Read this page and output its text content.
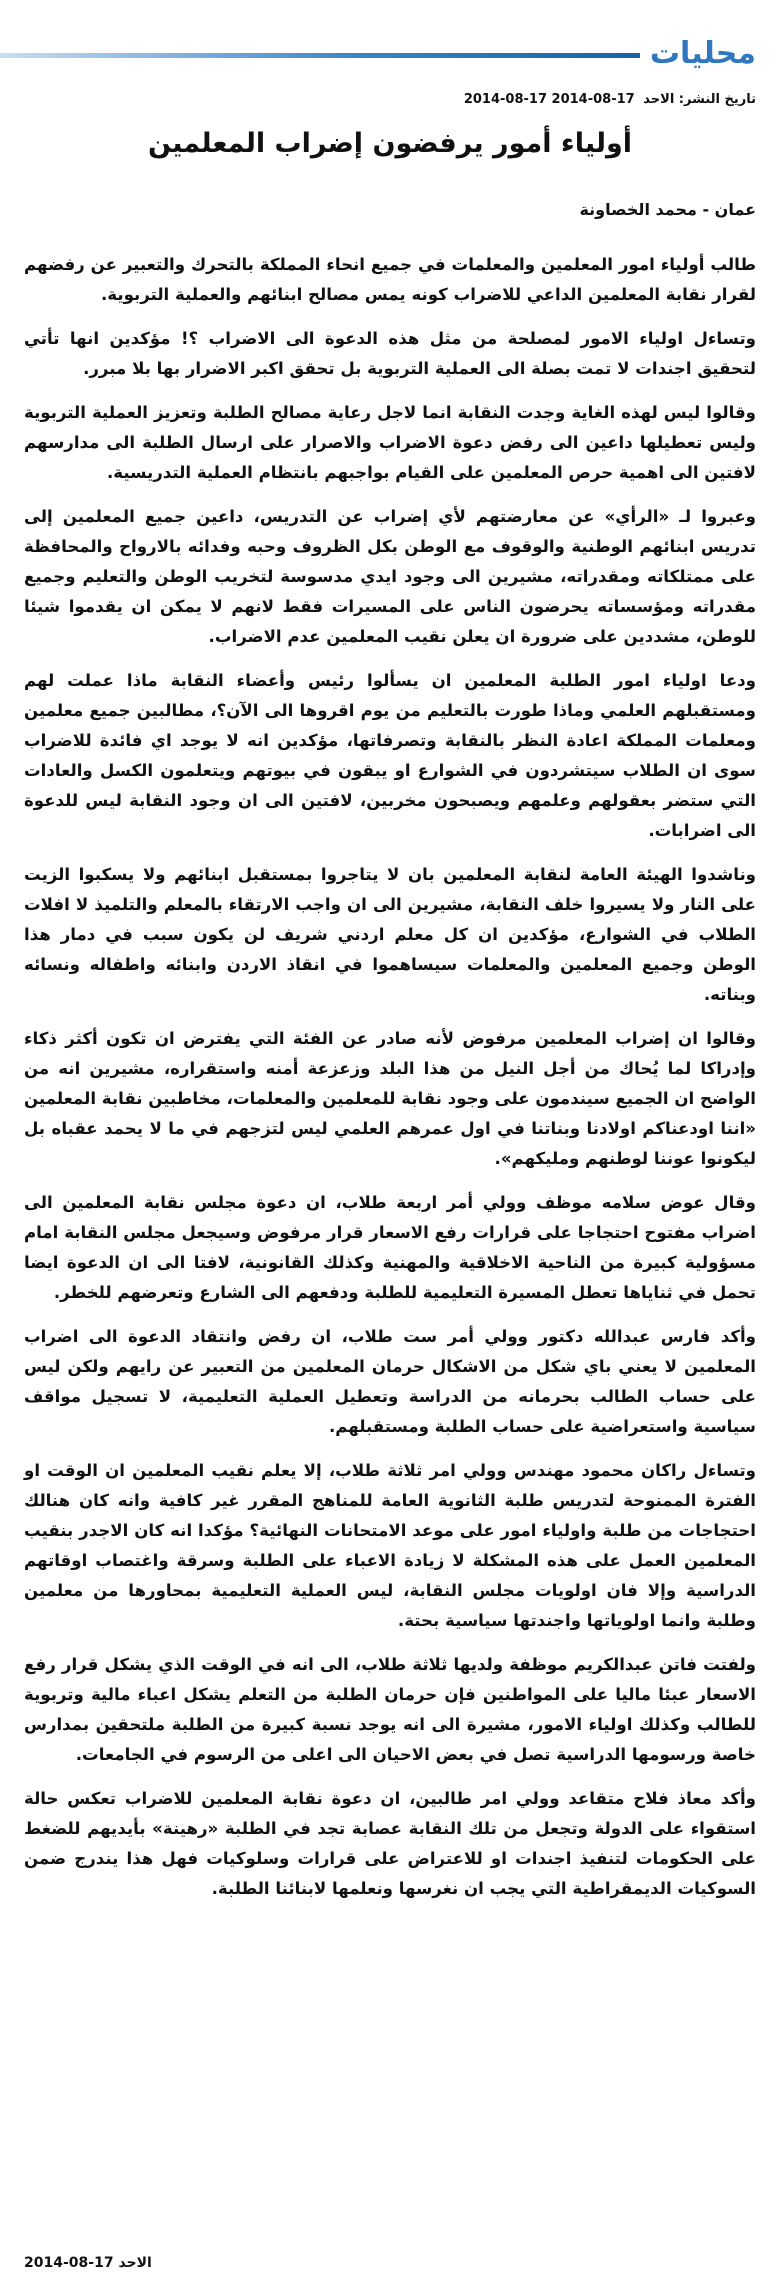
محليات
تاريخ النشر: الاحد 17-08-2014 17-08-2014
أولياء أمور يرفضون إضراب المعلمين
عمان - محمد الخصاونة

طالب أولياء امور المعلمين والمعلمات في جميع انحاء المملكة بالتحرك والتعبير عن رفضهم لقرار نقابة المعلمين الداعي للاضراب كونه يمس مصالح ابنائهم والعملية التربوية.

وتساءل اولياء الامور لمصلحة من مثل هذه الدعوة الى الاضراب ؟! مؤكدين انها تأتي لتحقيق اجندات لا تمت بصلة الى العملية التربوية بل تحقق اكبر الاضرار بها بلا مبرر.

وقالوا ليس لهذه الغاية وجدت النقابة انما لاجل رعاية مصالح الطلبة وتعزيز العملية التربوية وليس تعطيلها داعين الى رفض دعوة الاضراب والاصرار على ارسال الطلبة الى مدارسهم لافتين الى اهمية حرص المعلمين على القيام بواجبهم بانتظام العملية التدريسية.

وعبروا لـ «الرأي» عن معارضتهم لأي إضراب عن التدريس، داعين جميع المعلمين إلى تدريس ابنائهم الوطنية والوقوف مع الوطن بكل الظروف وحبه وفدائه بالارواح والمحافظة على ممتلكاته ومقدراته، مشيرين الى وجود ايدي مدسوسة لتخريب الوطن والتعليم وجميع مقدراته ومؤسساته يحرضون الناس على المسيرات فقط لانهم لا يمكن ان يقدموا شيئا للوطن، مشددين على ضرورة ان يعلن نقيب المعلمين عدم الاضراب.

ودعا اولياء امور الطلبة المعلمين ان يسألوا رئيس وأعضاء النقابة ماذا عملت لهم ومستقبلهم العلمي وماذا طورت بالتعليم من يوم اقروها الى الآن؟، مطالبين جميع معلمين ومعلمات المملكة اعادة النظر بالنقابة وتصرفاتها، مؤكدين انه لا يوجد اي فائدة للاضراب سوى ان الطلاب سيتشردون في الشوارع او يبقون في بيوتهم ويتعلمون الكسل والعادات التي ستضر بعقولهم وعلمهم ويصبحون مخربين، لافتين الى ان وجود النقابة ليس للدعوة الى اضرابات.

وناشدوا الهيئة العامة لنقابة المعلمين بان لا يتاجروا بمستقبل ابنائهم ولا يسكبوا الزيت على النار ولا يسيروا خلف النقابة، مشيرين الى ان واجب الارتقاء بالمعلم والتلميذ لا افلات الطلاب في الشوارع، مؤكدين ان كل معلم اردني شريف لن يكون سبب في دمار هذا الوطن وجميع المعلمين والمعلمات سيساهموا في انقاذ الاردن وابنائه واطفاله ونسائه وبناته.

وقالوا ان إضراب المعلمين مرفوض لأنه صادر عن الفئة التي يفترض ان تكون أكثر ذكاء وإدراكا لما يُحاك من أجل النيل من هذا البلد وزعزعة أمنه واستقراره، مشيرين انه من الواضح ان الجميع سيندمون على وجود نقابة للمعلمين والمعلمات، مخاطبين نقابة المعلمين «اننا اودعناكم اولادنا وبناتنا في اول عمرهم العلمي ليس لتزجهم في ما لا يحمد عقباه بل ليكونوا عوننا لوطنهم ومليكهم».

وقال عوض سلامه موظف وولي أمر اربعة طلاب، ان دعوة مجلس نقابة المعلمين الى اضراب مفتوح احتجاجا على قرارات رفع الاسعار قرار مرفوض وسيجعل مجلس النقابة امام مسؤولية كبيرة من الناحية الاخلاقية والمهنية وكذلك القانونية، لافتا الى ان الدعوة ايضا تحمل في ثناياها تعطل المسيرة التعليمية للطلبة ودفعهم الى الشارع وتعرضهم للخطر.

وأكد فارس عبدالله دكتور وولي أمر ست طلاب، ان رفض وانتقاد الدعوة الى اضراب المعلمين لا يعني باي شكل من الاشكال حرمان المعلمين من التعبير عن رايهم ولكن ليس على حساب الطالب بحرمانه من الدراسة وتعطيل العملية التعليمية، لا تسجيل مواقف سياسية واستعراضية على حساب الطلبة ومستقبلهم.

وتساءل راكان محمود مهندس وولي امر ثلاثة طلاب، إلا يعلم نقيب المعلمين ان الوقت او الفترة الممنوحة لتدريس طلبة الثانوية العامة للمناهج المقرر غير كافية وانه كان هنالك احتجاجات من طلبة واولياء امور على موعد الامتحانات النهائية؟ مؤكدا انه كان الاجدر بنقيب المعلمين العمل على هذه المشكلة لا زيادة الاعباء على الطلبة وسرقة واغتصاب اوقاتهم الدراسية وإلا فان اولويات مجلس النقابة، ليس العملية التعليمية بمحاورها من معلمين وطلبة وانما اولوياتها واجندتها سياسية بحتة.

ولفتت فاتن عبدالكريم موظفة ولديها ثلاثة طلاب، الى انه في الوقت الذي يشكل قرار رفع الاسعار عبئا ماليا على المواطنين فإن حرمان الطلبة من التعلم يشكل اعباء مالية وتربوية للطالب وكذلك اولياء الامور، مشيرة الى انه يوجد نسبة كبيرة من الطلبة ملتحقين بمدارس خاصة ورسومها الدراسية تصل في بعض الاحيان الى اعلى من الرسوم في الجامعات.

وأكد معاذ فلاح متقاعد وولي امر طالبين، ان دعوة نقابة المعلمين للاضراب تعكس حالة استقواء على الدولة وتجعل من تلك النقابة عصابة تجد في الطلبة «رهينة» بأيديهم للضغط على الحكومات لتنفيذ اجندات او للاعتراض على قرارات وسلوكيات فهل هذا يندرج ضمن السوكيات الديمقراطية التي يجب ان نغرسها ونعلمها لابنائنا الطلبة.

الاحد 17-08-2014
